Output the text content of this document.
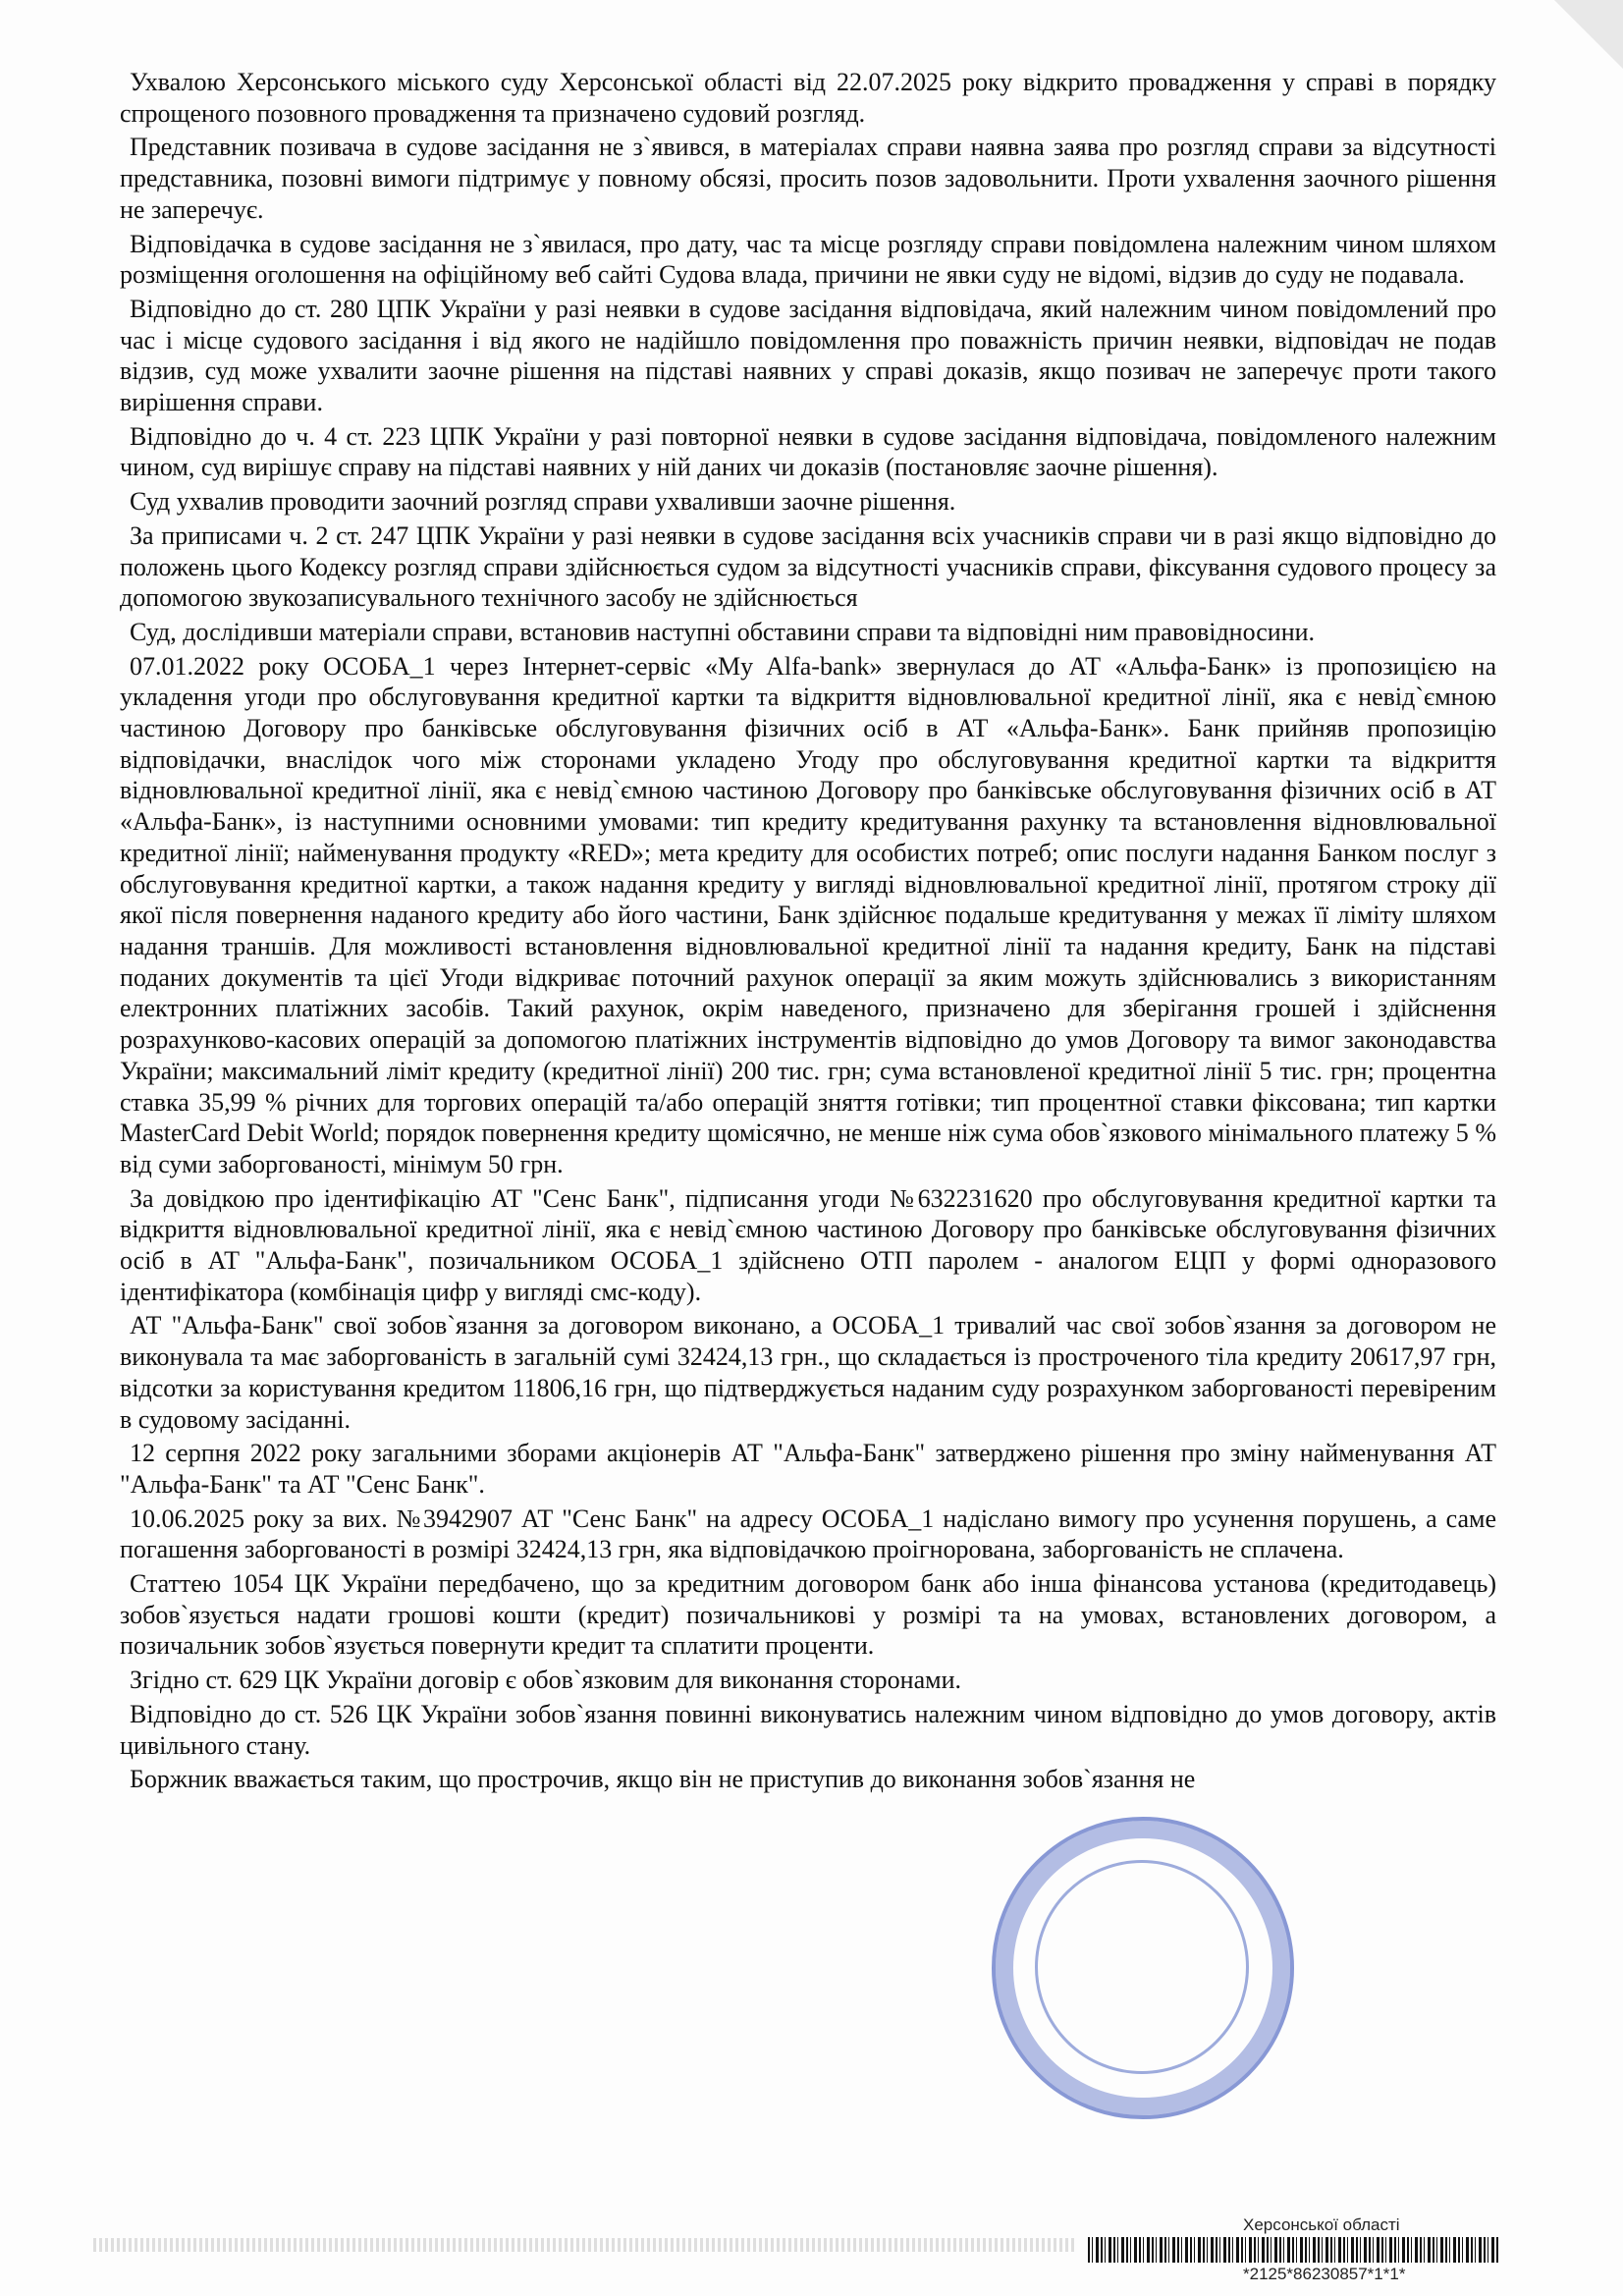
Ухвалою Херсонського міського суду Херсонської області від 22.07.2025 року відкрито провадження у справі в порядку спрощеного позовного провадження та призначено судовий розгляд.

Представник позивача в судове засідання не з`явився, в матеріалах справи наявна заява про розгляд справи за відсутності представника, позовні вимоги підтримує у повному обсязі, просить позов задовольнити. Проти ухвалення заочного рішення не заперечує.

Відповідачка в судове засідання не з`явилася, про дату, час та місце розгляду справи повідомлена належним чином шляхом розміщення оголошення на офіційному веб сайті Судова влада, причини не явки суду не відомі, відзив до суду не подавала.

Відповідно до ст. 280 ЦПК України у разі неявки в судове засідання відповідача, який належним чином повідомлений про час і місце судового засідання і від якого не надійшло повідомлення про поважність причин неявки, відповідач не подав відзив, суд може ухвалити заочне рішення на підставі наявних у справі доказів, якщо позивач не заперечує проти такого вирішення справи.

Відповідно до ч. 4 ст. 223 ЦПК України у разі повторної неявки в судове засідання відповідача, повідомленого належним чином, суд вирішує справу на підставі наявних у ній даних чи доказів (постановляє заочне рішення).

Суд ухвалив проводити заочний розгляд справи ухваливши заочне рішення.

За приписами ч. 2 ст. 247 ЦПК України у разі неявки в судове засідання всіх учасників справи чи в разі якщо відповідно до положень цього Кодексу розгляд справи здійснюється судом за відсутності учасників справи, фіксування судового процесу за допомогою звукозаписувального технічного засобу не здійснюється

Суд, дослідивши матеріали справи, встановив наступні обставини справи та відповідні ним правовідносини.

07.01.2022 року ОСОБА_1 через Інтернет-сервіс «My Alfa-bank» звернулася до АТ «Альфа-Банк» із пропозицією на укладення угоди про обслуговування кредитної картки та відкриття відновлювальної кредитної лінії, яка є невід`ємною частиною Договору про банківське обслуговування фізичних осіб в АТ «Альфа-Банк». Банк прийняв пропозицію відповідачки, внаслідок чого між сторонами укладено Угоду про обслуговування кредитної картки та відкриття відновлювальної кредитної лінії, яка є невід`ємною частиною Договору про банківське обслуговування фізичних осіб в АТ «Альфа-Банк», із наступними основними умовами: тип кредиту кредитування рахунку та встановлення відновлювальної кредитної лінії; найменування продукту «RED»; мета кредиту для особистих потреб; опис послуги надання Банком послуг з обслуговування кредитної картки, а також надання кредиту у вигляді відновлювальної кредитної лінії, протягом строку дії якої після повернення наданого кредиту або його частини, Банк здійснює подальше кредитування у межах її ліміту шляхом надання траншів. Для можливості встановлення відновлювальної кредитної лінії та надання кредиту, Банк на підставі поданих документів та цієї Угоди відкриває поточний рахунок операції за яким можуть здійснювались з використанням електронних платіжних засобів. Такий рахунок, окрім наведеного, призначено для зберігання грошей і здійснення розрахунково-касових операцій за допомогою платіжних інструментів відповідно до умов Договору та вимог законодавства України; максимальний ліміт кредиту (кредитної лінії) 200 тис. грн; сума встановленої кредитної лінії 5 тис. грн; процентна ставка 35,99 % річних для торгових операцій та/або операцій зняття готівки; тип процентної ставки фіксована; тип картки MasterCard Debit World; порядок повернення кредиту щомісячно, не менше ніж сума обов`язкового мінімального платежу 5 % від суми заборгованості, мінімум 50 грн.

За довідкою про ідентифікацію АТ "Сенс Банк", підписання угоди №632231620 про обслуговування кредитної картки та відкриття відновлювальної кредитної лінії, яка є невід`ємною частиною Договору про банківське обслуговування фізичних осіб в АТ "Альфа-Банк", позичальником ОСОБА_1 здійснено ОТП паролем - аналогом ЕЦП у формі одноразового ідентифікатора (комбінація цифр у вигляді смс-коду).

АТ "Альфа-Банк" свої зобов`язання за договором виконано, а ОСОБА_1 тривалий час свої зобов`язання за договором не виконувала та має заборгованість в загальній сумі 32424,13 грн., що складається із простроченого тіла кредиту 20617,97 грн, відсотки за користування кредитом 11806,16 грн, що підтверджується наданим суду розрахунком заборгованості перевіреним в судовому засіданні.

12 серпня 2022 року загальними зборами акціонерів АТ "Альфа-Банк" затверджено рішення про зміну найменування АТ "Альфа-Банк" та АТ "Сенс Банк".

10.06.2025 року за вих. №3942907 АТ "Сенс Банк" на адресу ОСОБА_1 надіслано вимогу про усунення порушень, а саме погашення заборгованості в розмірі 32424,13 грн, яка відповідачкою проігнорована, заборгованість не сплачена.

Статтею 1054 ЦК України передбачено, що за кредитним договором банк або інша фінансова установа (кредитодавець) зобов`язується надати грошові кошти (кредит) позичальникові у розмірі та на умовах, встановлених договором, а позичальник зобов`язується повернути кредит та сплатити проценти.

Згідно ст. 629 ЦК України договір є обов`язковим для виконання сторонами.

Відповідно до ст. 526 ЦК України зобов`язання повинні виконуватись належним чином відповідно до умов договору, актів цивільного стану.

Боржник вважається таким, що прострочив, якщо він не приступив до виконання зобов`язання не

Херсонської області
*2125*86230857*1*1*
